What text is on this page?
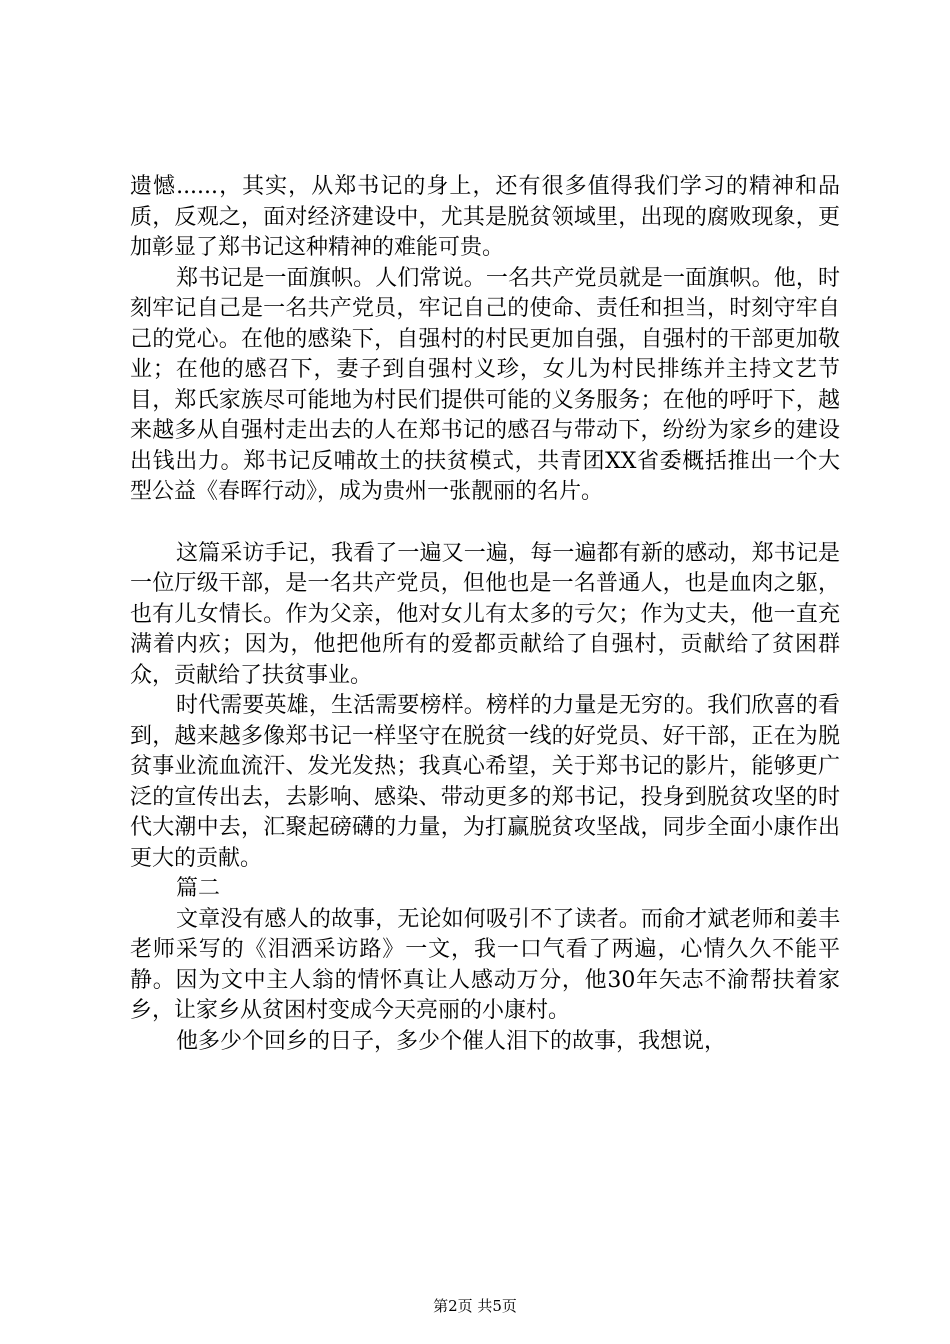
遗憾......，其实，从郑书记的身上，还有很多值得我们学习的精神和品质，反观之，面对经济建设中，尤其是脱贫领域里，出现的腐败现象，更加彰显了郑书记这种精神的难能可贵。

郑书记是一面旗帜。人们常说。一名共产党员就是一面旗帜。他，时刻牢记自己是一名共产党员，牢记自己的使命、责任和担当，时刻守牢自己的党心。在他的感染下，自强村的村民更加自强，自强村的干部更加敬业；在他的感召下，妻子到自强村义珍，女儿为村民排练并主持文艺节目，郑氏家族尽可能地为村民们提供可能的义务服务；在他的呼吁下，越来越多从自强村走出去的人在郑书记的感召与带动下，纷纷为家乡的建设出钱出力。郑书记反哺故土的扶贫模式，共青团XX省委概括推出一个大型公益《春晖行动》，成为贵州一张靓丽的名片。

这篇采访手记，我看了一遍又一遍，每一遍都有新的感动，郑书记是一位厅级干部，是一名共产党员，但他也是一名普通人，也是血肉之躯，也有儿女情长。作为父亲，他对女儿有太多的亏欠；作为丈夫，他一直充满着内疚；因为，他把他所有的爱都贡献给了自强村，贡献给了贫困群众，贡献给了扶贫事业。

时代需要英雄，生活需要榜样。榜样的力量是无穷的。我们欣喜的看到，越来越多像郑书记一样坚守在脱贫一线的好党员、好干部，正在为脱贫事业流血流汗、发光发热；我真心希望，关于郑书记的影片，能够更广泛的宣传出去，去影响、感染、带动更多的郑书记，投身到脱贫攻坚的时代大潮中去，汇聚起磅礴的力量，为打赢脱贫攻坚战，同步全面小康作出更大的贡献。

篇二

文章没有感人的故事，无论如何吸引不了读者。而俞才斌老师和姜丰老师采写的《泪洒采访路》一文，我一口气看了两遍，心情久久不能平静。因为文中主人翁的情怀真让人感动万分，他30年矢志不渝帮扶着家乡，让家乡从贫困村变成今天亮丽的小康村。

他多少个回乡的日子，多少个催人泪下的故事，我想说，

第2页 共5页
